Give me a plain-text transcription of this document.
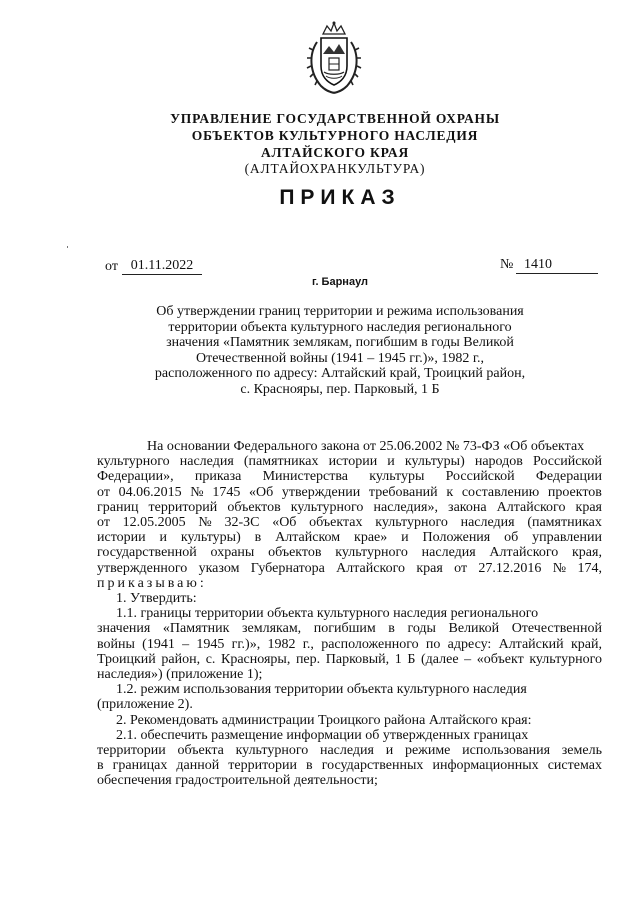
УПРАВЛЕНИЕ ГОСУДАРСТВЕННОЙ ОХРАНЫ
ОБЪЕКТОВ КУЛЬТУРНОГО НАСЛЕДИЯ
АЛТАЙСКОГО КРАЯ
(АЛТАЙОХРАНКУЛЬТУРА)
ПРИКАЗ
от 01.11.2022	№ 1410
г. Барнаул
Об утверждении границ территории и режима использования
территории объекта культурного наследия регионального
значения «Памятник землякам, погибшим в годы Великой
Отечественной войны (1941 – 1945 гг.)», 1982 г.,
расположенного по адресу: Алтайский край, Троицкий район,
с. Краснояры, пер. Парковый, 1 Б
На основании Федерального закона от 25.06.2002 № 73-ФЗ «Об объектах
культурного наследия (памятниках истории и культуры) народов Российской
Федерации», приказа Министерства культуры Российской Федерации
от 04.06.2015 № 1745 «Об утверждении требований к составлению проектов
границ территорий объектов культурного наследия», закона Алтайского края
от 12.05.2005 № 32-ЗС «Об объектах культурного наследия (памятниках
истории и культуры) в Алтайском крае» и Положения об управлении
государственной охраны объектов культурного наследия Алтайского края,
утвержденного указом Губернатора Алтайского края от 27.12.2016 № 174,
приказываю:
1. Утвердить:
1.1. границы территории объекта культурного наследия регионального
значения «Памятник землякам, погибшим в годы Великой Отечественной
войны (1941 – 1945 гг.)», 1982 г., расположенного по адресу: Алтайский край,
Троицкий район, с. Краснояры, пер. Парковый, 1 Б (далее – «объект культурного
наследия») (приложение 1);
1.2. режим использования территории объекта культурного наследия
(приложение 2).
2. Рекомендовать администрации Троицкого района Алтайского края:
2.1. обеспечить размещение информации об утвержденных границах
территории объекта культурного наследия и режиме использования земель
в границах данной территории в государственных информационных системах
обеспечения градостроительной деятельности;
